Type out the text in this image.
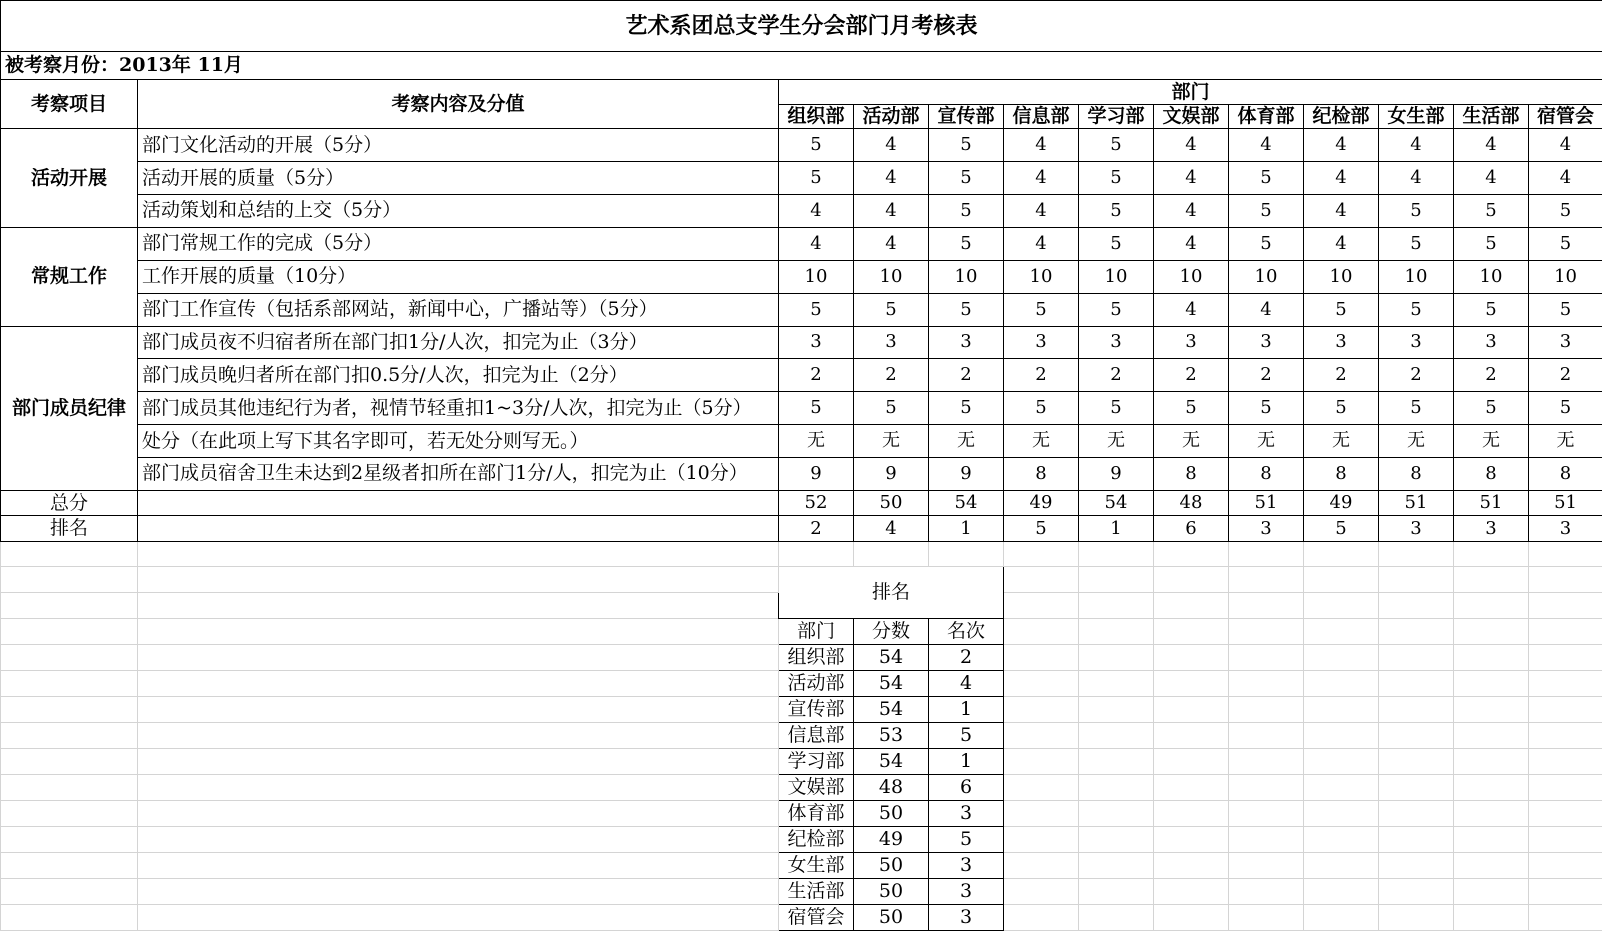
艺术系团总支学生分会部门月考核表												
被考察月份：2013年 11月												
考察项目	考察内容及分值	部门										
		组织部	活动部	宣传部	信息部	学习部	文娱部	体育部	纪检部	女生部	生活部	宿管会
活动开展	部门文化活动的开展（5分）	5	4	5	4	5	4	4	4	4	4	4
	活动开展的质量（5分）	5	4	5	4	5	4	5	4	4	4	4
	活动策划和总结的上交（5分）	4	4	5	4	5	4	5	4	5	5	5
常规工作	部门常规工作的完成（5分）	4	4	5	4	5	4	5	4	5	5	5
	工作开展的质量（10分）	10	10	10	10	10	10	10	10	10	10	10
	部门工作宣传（包括系部网站，新闻中心，广播站等）（5分）	5	5	5	5	5	4	4	5	5	5	5
部门成员纪律	部门成员夜不归宿者所在部门扣1分/人次，扣完为止（3分）	3	3	3	3	3	3	3	3	3	3	3
	部门成员晚归者所在部门扣0.5分/人次，扣完为止（2分）	2	2	2	2	2	2	2	2	2	2	2
	部门成员其他违纪行为者，视情节轻重扣1~3分/人次，扣完为止（5分）	5	5	5	5	5	5	5	5	5	5	5
	处分（在此项上写下其名字即可，若无处分则写无。）	无	无	无	无	无	无	无	无	无	无	无
	部门成员宿舍卫生未达到2星级者扣所在部门1分/人，扣完为止（10分）	9	9	9	8	9	8	8	8	8	8	8
总分		52	50	54	49	54	48	51	49	51	51	51
排名		2	4	1	5	1	6	3	5	3	3	3

		排名										

		部门	分数	名次								
		组织部	54	2								
		活动部	54	4								
		宣传部	54	1								
		信息部	53	5								
		学习部	54	1								
		文娱部	48	6								
		体育部	50	3								
		纪检部	49	5								
		女生部	50	3								
		生活部	50	3								
		宿管会	50	3								
